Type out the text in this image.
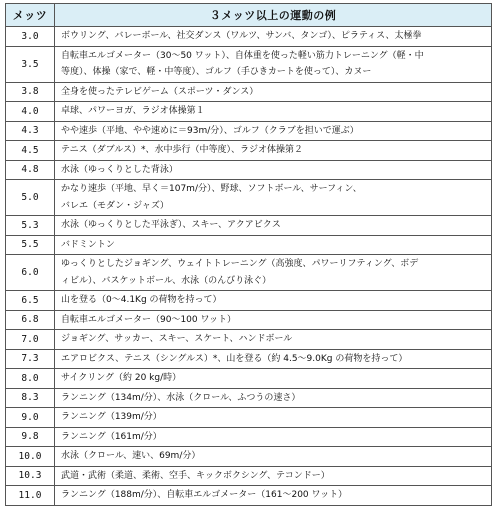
メッツ	３メッツ以上の運動の例
3.0	ボウリング、バレーボール、社交ダンス（ワルツ、サンバ、タンゴ）、ピラティス、太極拳

3.5	自転車エルゴメーター（30～50 ワット）、自体重を使った軽い筋力トレーニング（軽・中
等度）、体操（家で、軽・中等度）、ゴルフ（手ひきカートを使って）、カヌー

3.8	全身を使ったテレビゲーム（スポーツ・ダンス）

4.0	卓球、パワーヨガ、ラジオ体操第１

4.3	やや速歩（平地、やや速めに＝93m/分）、ゴルフ（クラブを担いで運ぶ）

4.5	テニス（ダブルス）*、水中歩行（中等度）、ラジオ体操第２

4.8	水泳（ゆっくりとした背泳）

5.0	かなり速歩（平地、早く＝107m/分）、野球、ソフトボール、サーフィン、
バレエ（モダン・ジャズ）

5.3	水泳（ゆっくりとした平泳ぎ）、スキー、アクアビクス

5.5	バドミントン

6.0	ゆっくりとしたジョギング、ウェイトトレーニング（高強度、パワーリフティング、ボデ
ィビル）、バスケットボール、水泳（のんびり泳ぐ）

6.5	山を登る（0～4.1Kg の荷物を持って）

6.8	自転車エルゴメーター（90～100 ワット）

7.0	ジョギング、サッカー、スキー、スケート、ハンドボール

7.3	エアロビクス、テニス（シングルス）*、山を登る（約 4.5～9.0Kg の荷物を持って）

8.0	サイクリング（約 20 kg/時）

8.3	ランニング（134m/分）、水泳（クロール、ふつうの速さ）

9.0	ランニング（139m/分）

9.8	ランニング（161m/分）

10.0	水泳（クロール、速い、69m/分）

10.3	武道・武術（柔道、柔術、空手、キックボクシング、テコンドー）

11.0	ランニング（188m/分）、自転車エルゴメーター（161～200 ワット）
